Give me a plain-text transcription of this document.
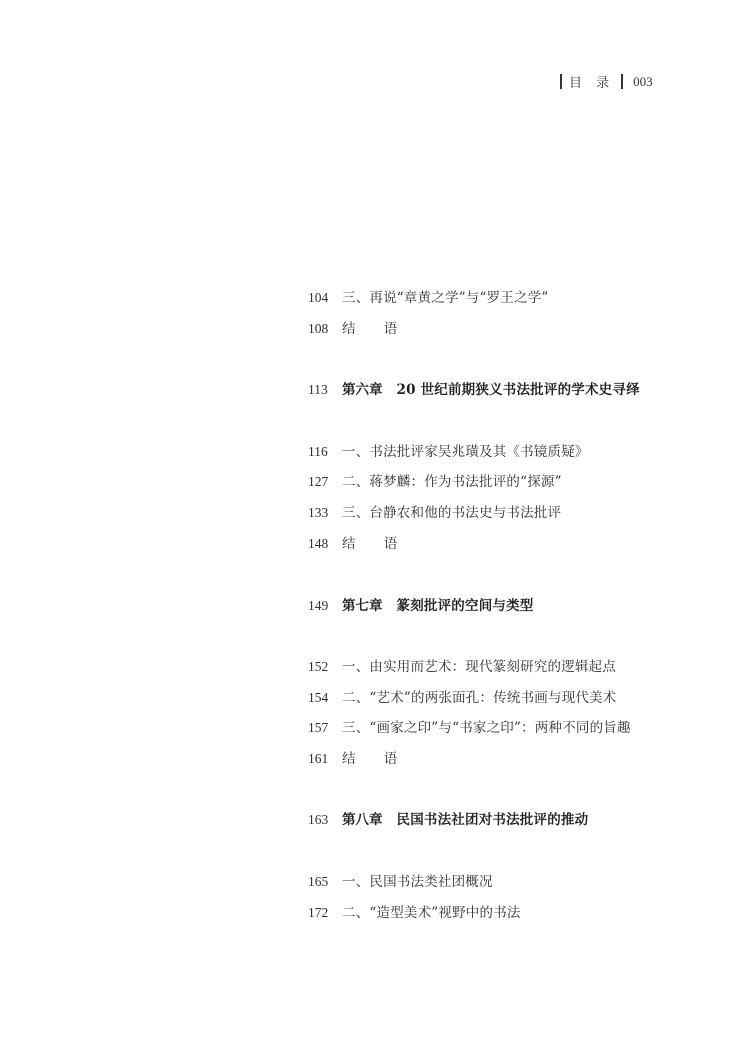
目 录 003
104	三、再说“章黄之学”与“罗王之学”
108	结 语
113	第六章 20 世纪前期狭义书法批评的学术史寻绎
116	一、书法批评家吴兆璜及其《书镜质疑》
127	二、蒋梦麟：作为书法批评的“探源”
133	三、台静农和他的书法史与书法批评
148	结 语
149	第七章 篆刻批评的空间与类型
152	一、由实用而艺术：现代篆刻研究的逻辑起点
154	二、“艺术”的两张面孔：传统书画与现代美术
157	三、“画家之印”与“书家之印”：两种不同的旨趣
161	结 语
163	第八章 民国书法社团对书法批评的推动
165	一、民国书法类社团概况
172	二、“造型美术”视野中的书法
